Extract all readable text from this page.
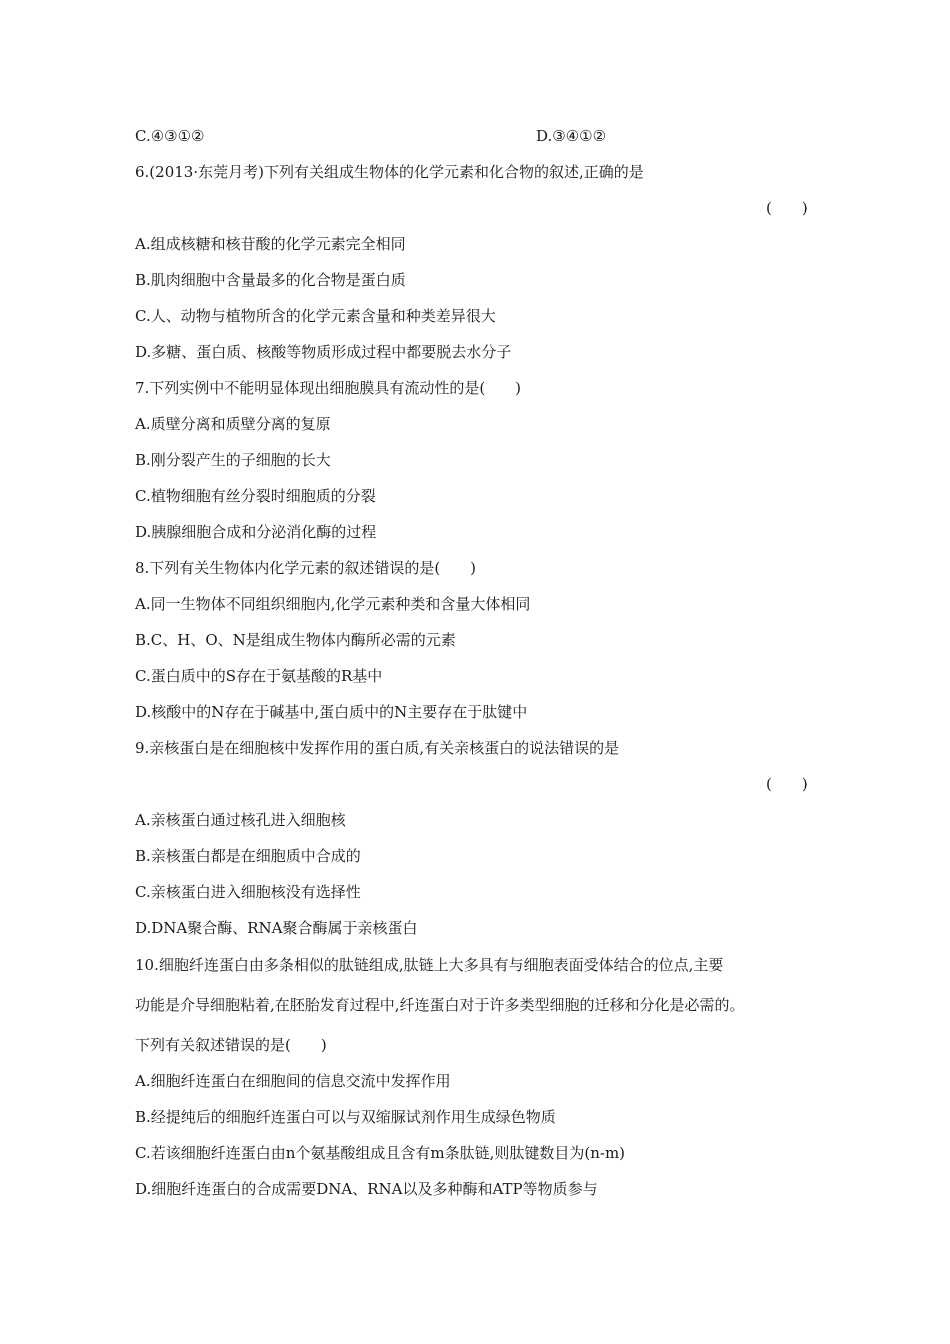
C.④③①②	D.③④①②
6.(2013·东莞月考)下列有关组成生物体的化学元素和化合物的叙述,正确的是
(　　)
A.组成核糖和核苷酸的化学元素完全相同
B.肌肉细胞中含量最多的化合物是蛋白质
C.人、动物与植物所含的化学元素含量和种类差异很大
D.多糖、蛋白质、核酸等物质形成过程中都要脱去水分子
7.下列实例中不能明显体现出细胞膜具有流动性的是(　　)
A.质壁分离和质壁分离的复原
B.刚分裂产生的子细胞的长大
C.植物细胞有丝分裂时细胞质的分裂
D.胰腺细胞合成和分泌消化酶的过程
8.下列有关生物体内化学元素的叙述错误的是(　　)
A.同一生物体不同组织细胞内,化学元素种类和含量大体相同
B.C、H、O、N是组成生物体内酶所必需的元素
C.蛋白质中的S存在于氨基酸的R基中
D.核酸中的N存在于碱基中,蛋白质中的N主要存在于肽键中
9.亲核蛋白是在细胞核中发挥作用的蛋白质,有关亲核蛋白的说法错误的是
(　　)
A.亲核蛋白通过核孔进入细胞核
B.亲核蛋白都是在细胞质中合成的
C.亲核蛋白进入细胞核没有选择性
D.DNA聚合酶、RNA聚合酶属于亲核蛋白
10.细胞纤连蛋白由多条相似的肽链组成,肽链上大多具有与细胞表面受体结合的位点,主要
功能是介导细胞粘着,在胚胎发育过程中,纤连蛋白对于许多类型细胞的迁移和分化是必需的。
下列有关叙述错误的是(　　)
A.细胞纤连蛋白在细胞间的信息交流中发挥作用
B.经提纯后的细胞纤连蛋白可以与双缩脲试剂作用生成绿色物质
C.若该细胞纤连蛋白由n个氨基酸组成且含有m条肽链,则肽键数目为(n-m)
D.细胞纤连蛋白的合成需要DNA、RNA以及多种酶和ATP等物质参与
